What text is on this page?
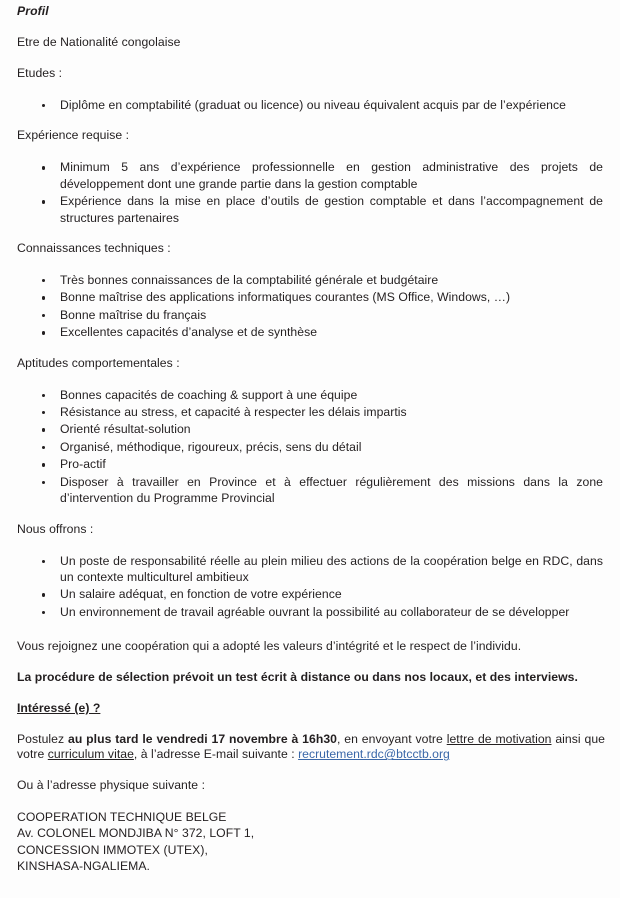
Profil

Etre de Nationalité congolaise

Etudes :

Diplôme en comptabilité (graduat ou licence) ou niveau équivalent acquis par de l’expérience

Expérience requise :

Minimum 5 ans d’expérience professionnelle en gestion administrative des projets de développement dont une grande partie dans la gestion comptable
Expérience dans la mise en place d’outils de gestion comptable et dans l’accompagnement de structures partenaires

Connaissances techniques :

Très bonnes connaissances de la comptabilité générale et budgétaire
Bonne maîtrise des applications informatiques courantes (MS Office, Windows, …)
Bonne maîtrise du français
Excellentes capacités d’analyse et de synthèse

Aptitudes comportementales :

Bonnes capacités de coaching & support à une équipe
Résistance au stress, et capacité à respecter les délais impartis
Orienté résultat-solution
Organisé, méthodique, rigoureux, précis, sens du détail
Pro-actif
Disposer à travailler en Province et à effectuer régulièrement des missions dans la zone d’intervention du Programme Provincial

Nous offrons :

Un poste de responsabilité réelle au plein milieu des actions de la coopération belge en RDC, dans un contexte multiculturel ambitieux
Un salaire adéquat, en fonction de votre expérience
Un environnement de travail agréable ouvrant la possibilité au collaborateur de se développer

Vous rejoignez une coopération qui a adopté les valeurs d’intégrité et le respect de l’individu.

La procédure de sélection prévoit un test écrit à distance ou dans nos locaux, et des interviews.

Intéressé (e) ?

Postulez au plus tard le vendredi 17 novembre à 16h30, en envoyant votre lettre de motivation ainsi que votre curriculum vitae, à l’adresse E-mail suivante : recrutement.rdc@btcctb.org

Ou à l’adresse physique suivante :

COOPERATION TECHNIQUE BELGE

Av. COLONEL MONDJIBA N° 372, LOFT 1,

CONCESSION IMMOTEX (UTEX),

KINSHASA-NGALIEMA.
